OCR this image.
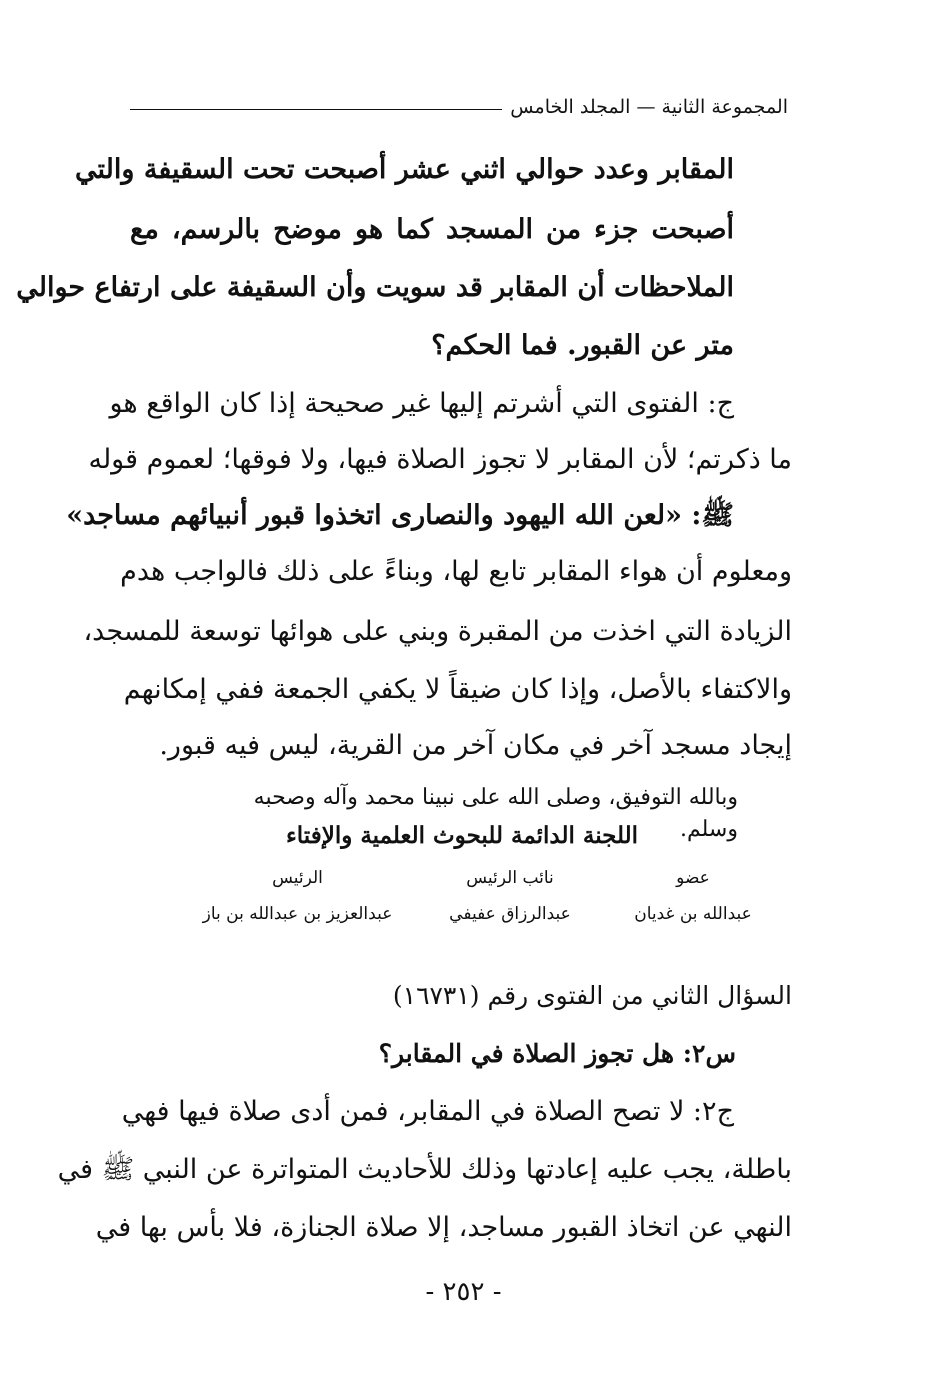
المجموعة الثانية — المجلد الخامس
المقابر وعدد حوالي اثني عشر أصبحت تحت السقيفة والتي
أصبحت جزء من المسجد كما هو موضح بالرسم، مع
الملاحظات أن المقابر قد سويت وأن السقيفة على ارتفاع حوالي
متر عن القبور. فما الحكم؟
ج: الفتوى التي أشرتم إليها غير صحيحة إذا كان الواقع هو
ما ذكرتم؛ لأن المقابر لا تجوز الصلاة فيها، ولا فوقها؛ لعموم قوله
ﷺ: «لعن الله اليهود والنصارى اتخذوا قبور أنبيائهم مساجد»
ومعلوم أن هواء المقابر تابع لها، وبناءً على ذلك فالواجب هدم
الزيادة التي اخذت من المقبرة وبني على هوائها توسعة للمسجد،
والاكتفاء بالأصل، وإذا كان ضيقاً لا يكفي الجمعة ففي إمكانهم
إيجاد مسجد آخر في مكان آخر من القرية، ليس فيه قبور.
وبالله التوفيق، وصلى الله على نبينا محمد وآله وصحبه وسلم.
اللجنة الدائمة للبحوث العلمية والإفتاء
عضو
عبدالله بن غديان
نائب الرئيس
عبدالرزاق عفيفي
الرئيس
عبدالعزيز بن عبدالله بن باز
السؤال الثاني من الفتوى رقم (١٦٧٣١)
س٢: هل تجوز الصلاة في المقابر؟
ج٢: لا تصح الصلاة في المقابر، فمن أدى صلاة فيها فهي
باطلة، يجب عليه إعادتها وذلك للأحاديث المتواترة عن النبي ﷺ في
النهي عن اتخاذ القبور مساجد، إلا صلاة الجنازة، فلا بأس بها في
- ٢٥٢ -
